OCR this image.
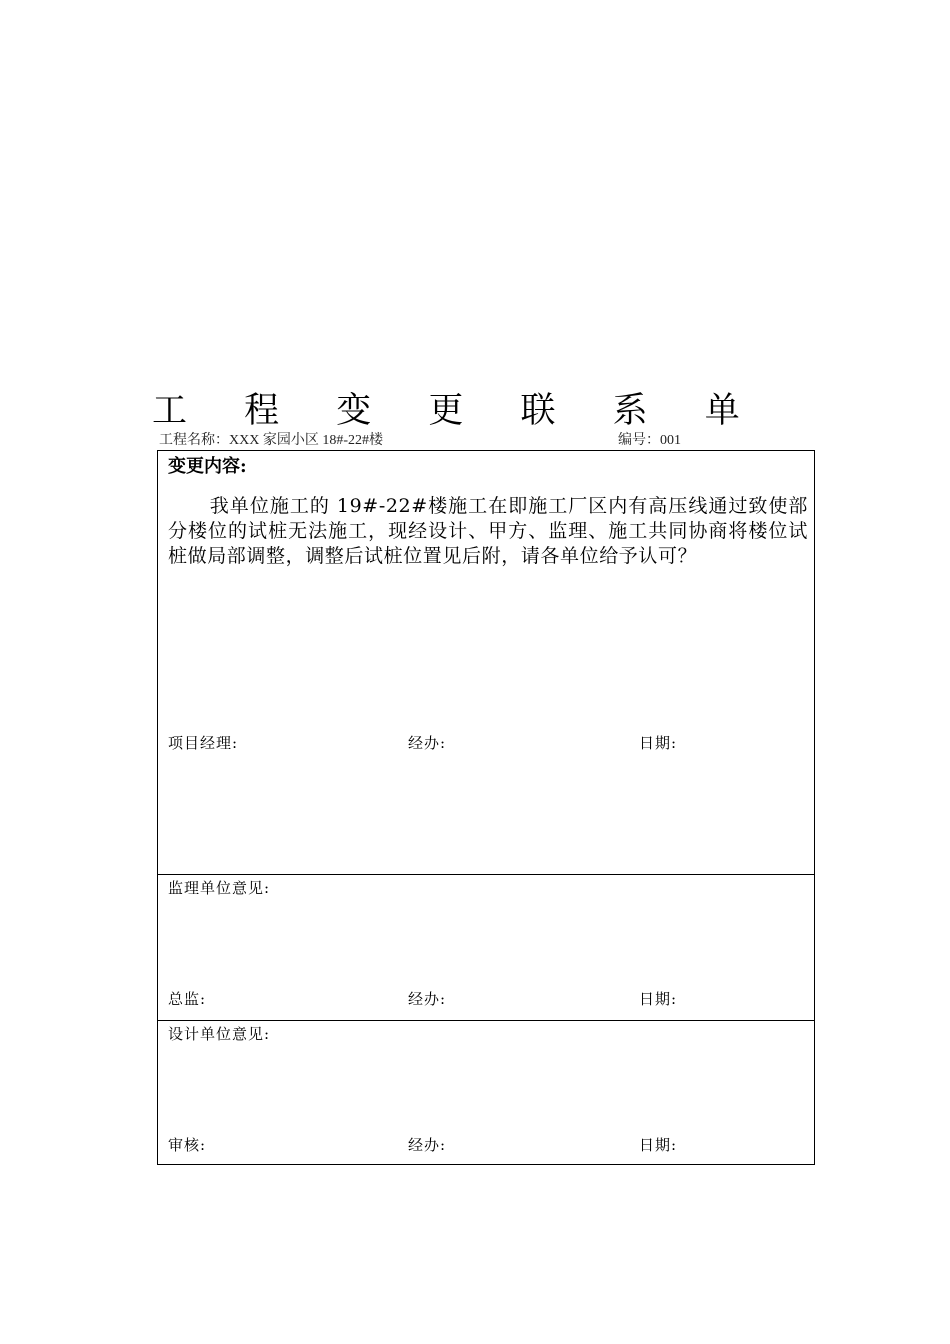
工 程 变 更 联 系 单
工程名称：XXX 家园小区 18#-22#楼	编号：001
变更内容:

我单位施工的 19#-22#楼施工在即施工厂区内有高压线通过致使部分楼位的试桩无法施工，现经设计、甲方、监理、施工共同协商将楼位试桩做局部调整，调整后试桩位置见后附，请各单位给予认可？

项目经理:	经办:	日期:
监理单位意见:
总监:	经办:	日期:
设计单位意见:
审核:	经办:	日期:
